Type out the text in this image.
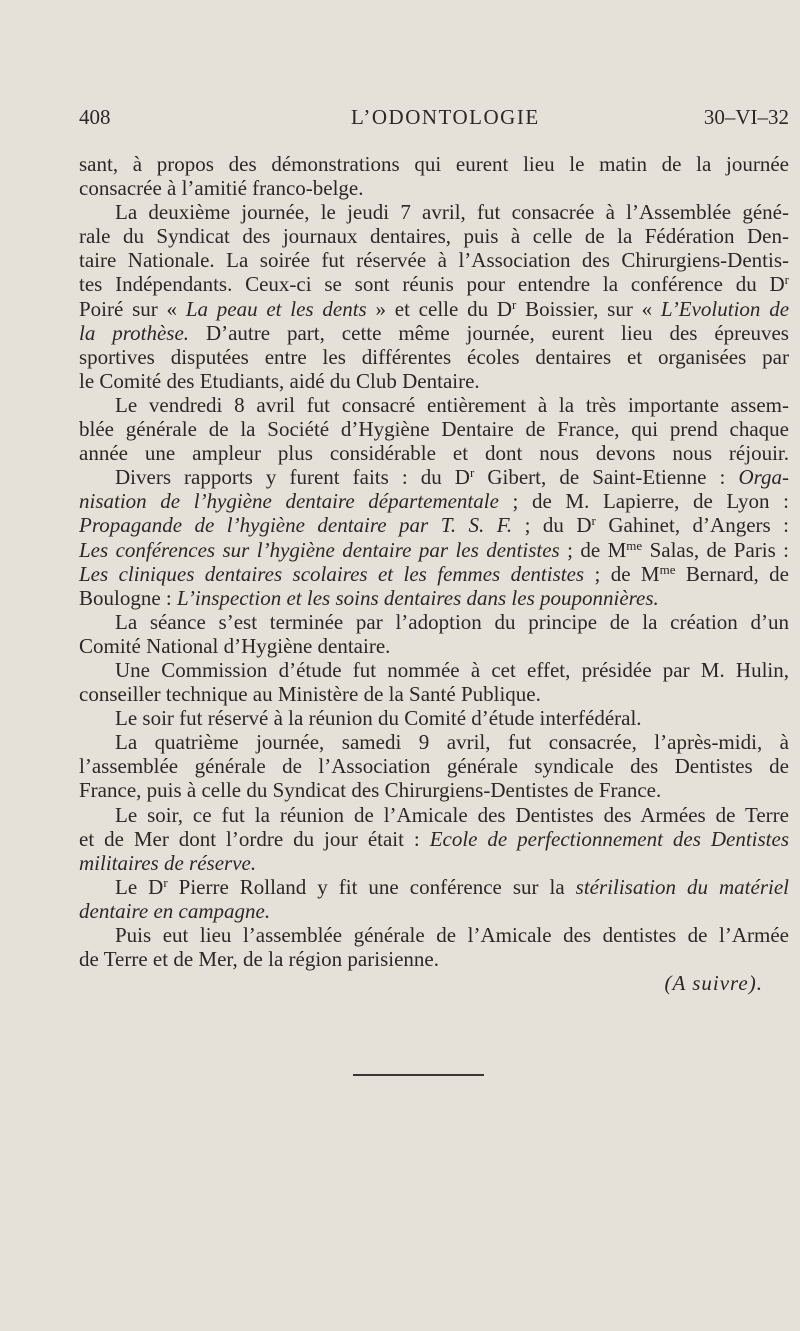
408	L’ODONTOLOGIE	30–VI–32
sant, à propos des démonstrations qui eurent lieu le matin de la journée
consacrée à l’amitié franco-belge.
La deuxième journée, le jeudi 7 avril, fut consacrée à l’Assemblée géné-
rale du Syndicat des journaux dentaires, puis à celle de la Fédération Den-
taire Nationale. La soirée fut réservée à l’Association des Chirurgiens-Dentis-
tes Indépendants. Ceux-ci se sont réunis pour entendre la conférence du $D^r$
Poiré sur « La peau et les dents » et celle du $D^r$ Boissier, sur « L’Evolution de
la prothèse. D’autre part, cette même journée, eurent lieu des épreuves
sportives disputées entre les différentes écoles dentaires et organisées par
le Comité des Etudiants, aidé du Club Dentaire.
Le vendredi 8 avril fut consacré entièrement à la très importante assem-
blée générale de la Société d’Hygiène Dentaire de France, qui prend chaque
année une ampleur plus considérable et dont nous devons nous réjouir.
Divers rapports y furent faits : du $D^r$ Gibert, de Saint-Etienne : Orga-
nisation de l’hygiène dentaire départementale ; de M. Lapierre, de Lyon :
Propagande de l’hygiène dentaire par T. S. F. ; du $D^r$ Gahinet, d’Angers :
Les conférences sur l’hygiène dentaire par les dentistes ; de $M^{me}$ Salas, de Paris :
Les cliniques dentaires scolaires et les femmes dentistes ; de $M^{me}$ Bernard, de
Boulogne : L’inspection et les soins dentaires dans les pouponnières.
La séance s’est terminée par l’adoption du principe de la création d’un
Comité National d’Hygiène dentaire.
Une Commission d’étude fut nommée à cet effet, présidée par M. Hulin,
conseiller technique au Ministère de la Santé Publique.
Le soir fut réservé à la réunion du Comité d’étude interfédéral.
La quatrième journée, samedi 9 avril, fut consacrée, l’après-midi, à
l’assemblée générale de l’Association générale syndicale des Dentistes de
France, puis à celle du Syndicat des Chirurgiens-Dentistes de France.
Le soir, ce fut la réunion de l’Amicale des Dentistes des Armées de Terre
et de Mer dont l’ordre du jour était : Ecole de perfectionnement des Dentistes
militaires de réserve.
Le $D^r$ Pierre Rolland y fit une conférence sur la stérilisation du matériel
dentaire en campagne.
Puis eut lieu l’assemblée générale de l’Amicale des dentistes de l’Armée
de Terre et de Mer, de la région parisienne.
(A suivre).
